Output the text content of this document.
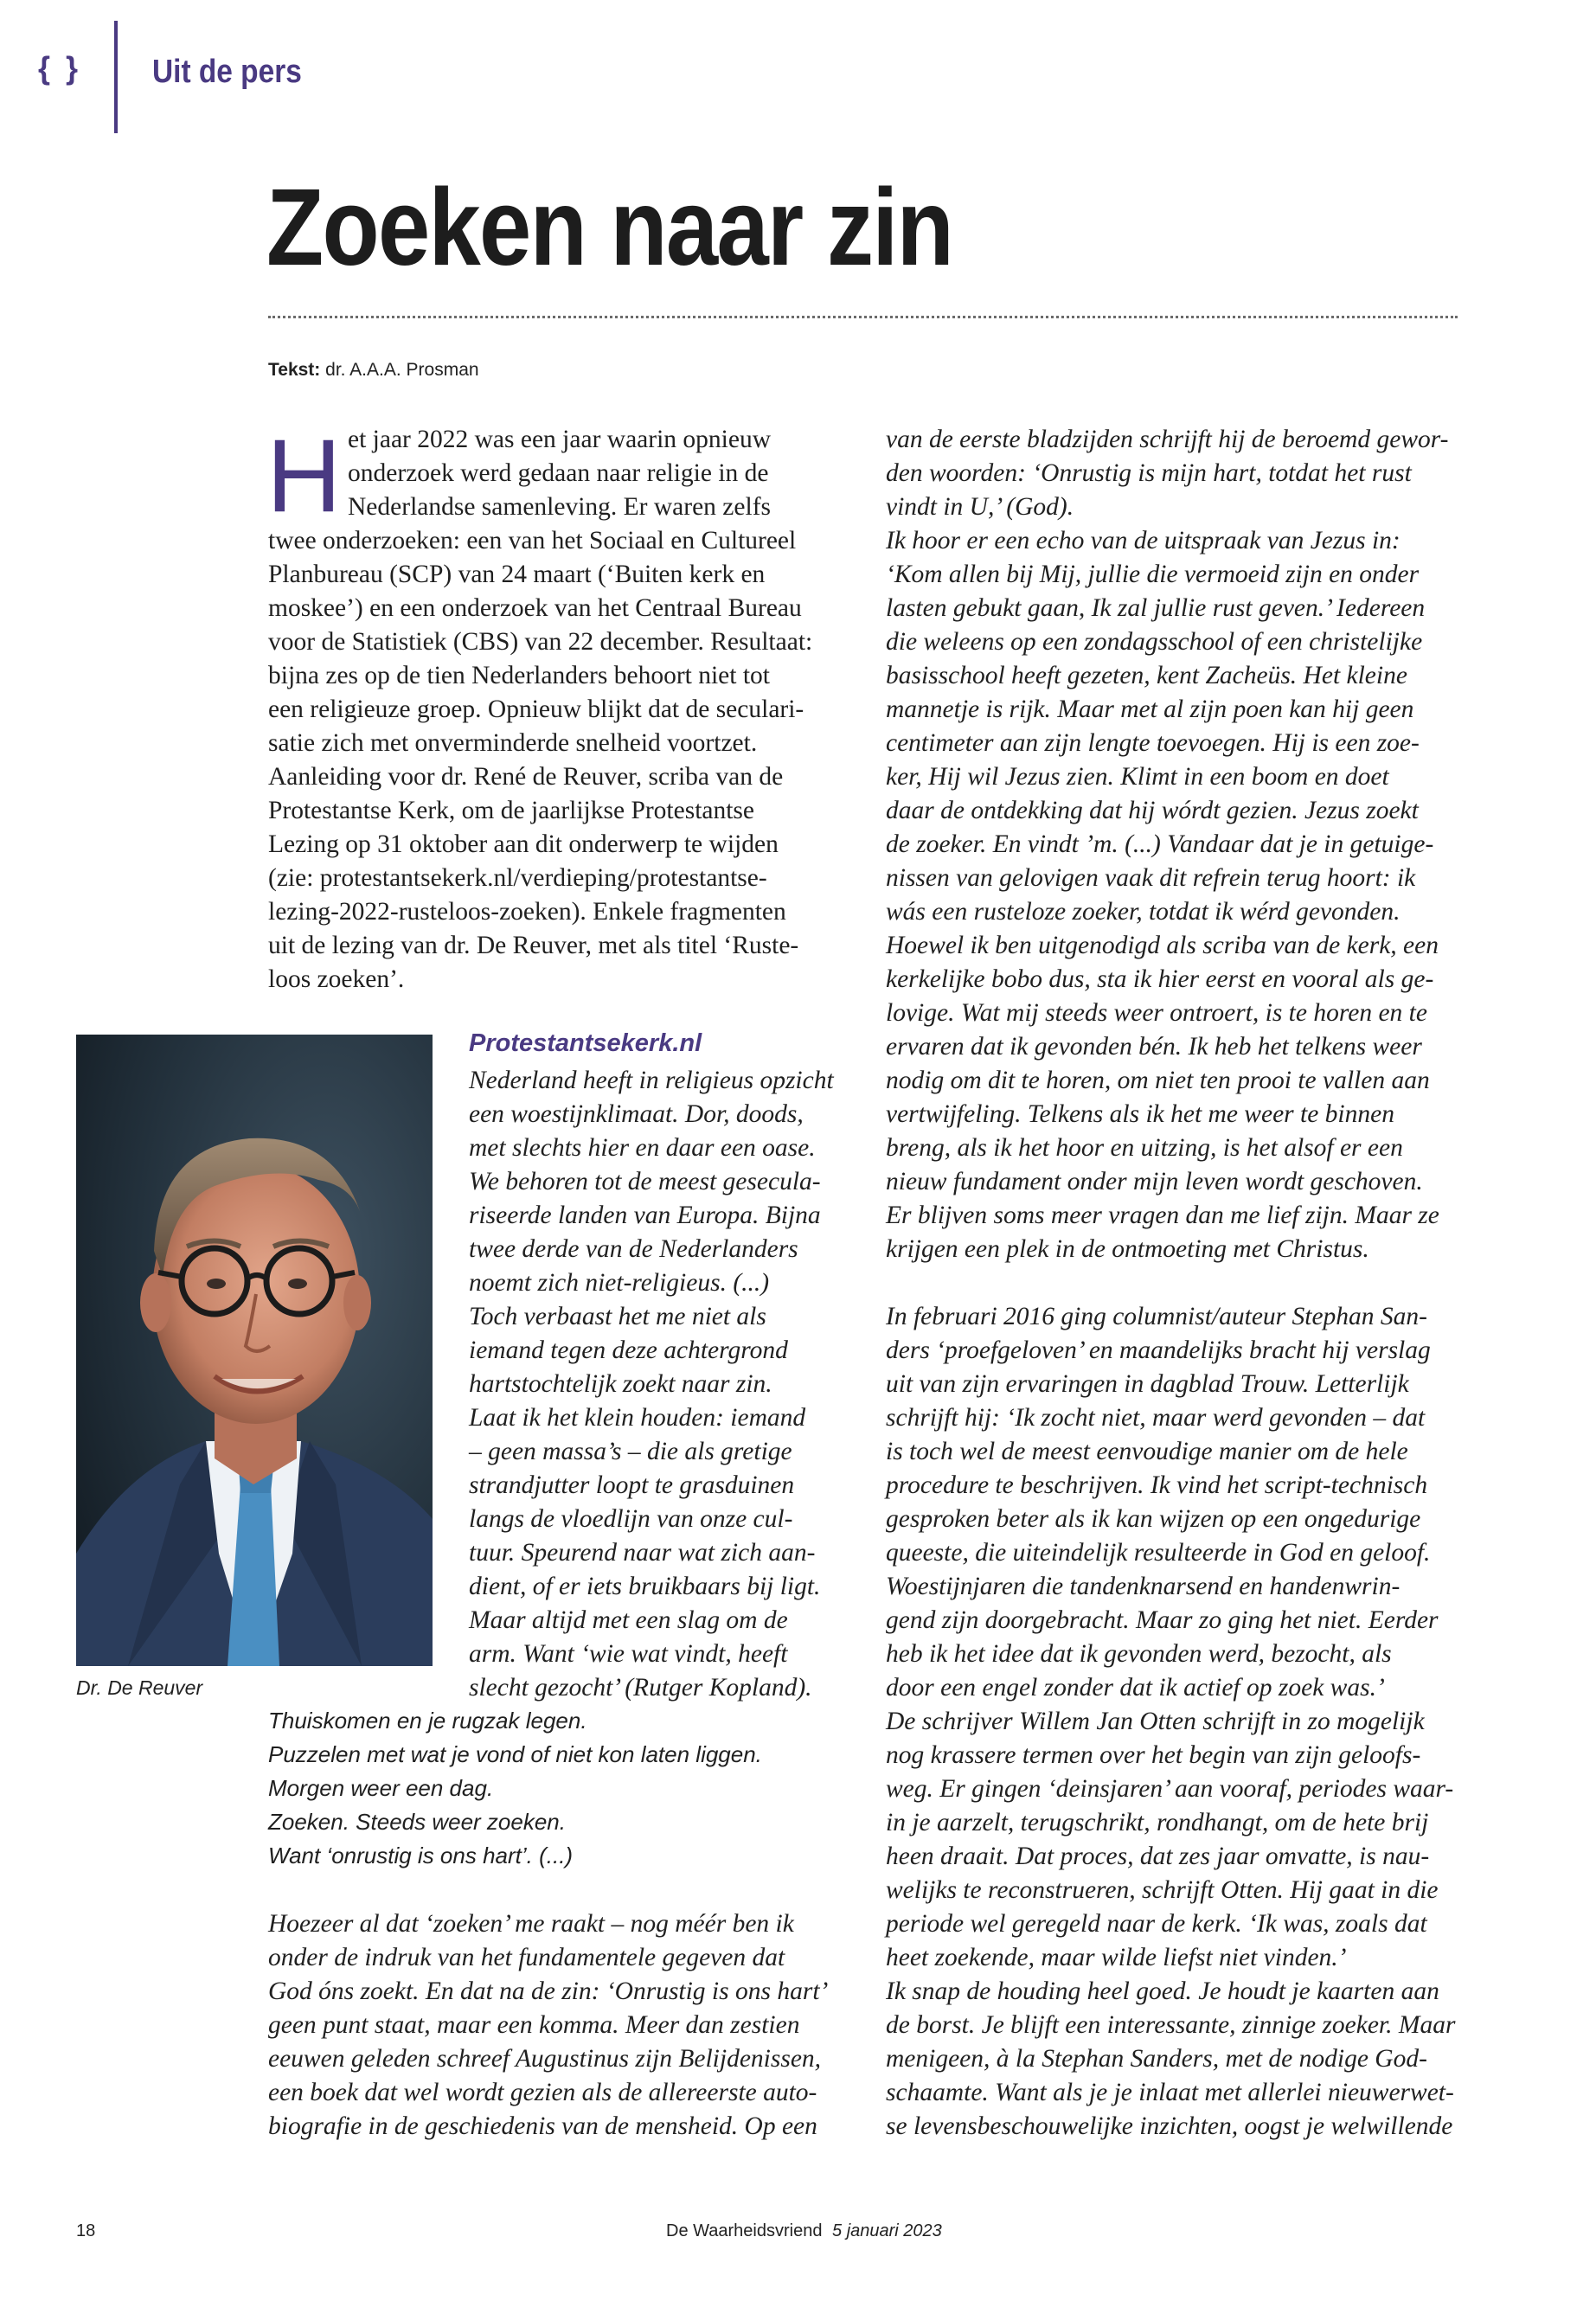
{ } Uit de pers
Zoeken naar zin
Tekst: dr. A.A.A. Prosman
H et jaar 2022 was een jaar waarin opnieuw
onderzoek werd gedaan naar religie in de
Nederlandse samenleving. Er waren zelfs
twee onderzoeken: een van het Sociaal en Cultureel
Planbureau (SCP) van 24 maart (‘Buiten kerk en
moskee’) en een onderzoek van het Centraal Bureau
voor de Statistiek (CBS) van 22 december. Resultaat:
bijna zes op de tien Nederlanders behoort niet tot
een religieuze groep. Opnieuw blijkt dat de seculari-
satie zich met onverminderde snelheid voortzet.
Aanleiding voor dr. René de Reuver, scriba van de
Protestantse Kerk, om de jaarlijkse Protestantse
Lezing op 31 oktober aan dit onderwerp te wijden
(zie: protestantsekerk.nl/verdieping/protestantse-
lezing-2022-rusteloos-zoeken). Enkele fragmenten
uit de lezing van dr. De Reuver, met als titel ‘Ruste-
loos zoeken’.
Dr. De Reuver
Protestantsekerk.nl
Nederland heeft in religieus opzicht
een woestijnklimaat. Dor, doods,
met slechts hier en daar een oase.
We behoren tot de meest gesecula-
riseerde landen van Europa. Bijna
twee derde van de Nederlanders
noemt zich niet-religieus. (...)
Toch verbaast het me niet als
iemand tegen deze achtergrond
hartstochtelijk zoekt naar zin.
Laat ik het klein houden: iemand
– geen massa’s – die als gretige
strandjutter loopt te grasduinen
langs de vloedlijn van onze cul-
tuur. Speurend naar wat zich aan-
dient, of er iets bruikbaars bij ligt.
Maar altijd met een slag om de
arm. Want ‘wie wat vindt, heeft
slecht gezocht’ (Rutger Kopland).
Thuiskomen en je rugzak legen.
Puzzelen met wat je vond of niet kon laten liggen.
Morgen weer een dag.
Zoeken. Steeds weer zoeken.
Want ‘onrustig is ons hart’. (...)
Hoezeer al dat ‘zoeken’ me raakt – nog méér ben ik
onder de indruk van het fundamentele gegeven dat
God óns zoekt. En dat na de zin: ‘Onrustig is ons hart’
geen punt staat, maar een komma. Meer dan zestien
eeuwen geleden schreef Augustinus zijn Belijdenissen,
een boek dat wel wordt gezien als de allereerste auto-
biografie in de geschiedenis van de mensheid. Op een
van de eerste bladzijden schrijft hij de beroemd gewor-
den woorden: ‘Onrustig is mijn hart, totdat het rust
vindt in U,’ (God).
Ik hoor er een echo van de uitspraak van Jezus in:
‘Kom allen bij Mij, jullie die vermoeid zijn en onder
lasten gebukt gaan, Ik zal jullie rust geven.’ Iedereen
die weleens op een zondagsschool of een christelijke
basisschool heeft gezeten, kent Zacheüs. Het kleine
mannetje is rijk. Maar met al zijn poen kan hij geen
centimeter aan zijn lengte toevoegen. Hij is een zoe-
ker, Hij wil Jezus zien. Klimt in een boom en doet
daar de ontdekking dat hij wórdt gezien. Jezus zoekt
de zoeker. En vindt ’m. (...) Vandaar dat je in getuige-
nissen van gelovigen vaak dit refrein terug hoort: ik
wás een rusteloze zoeker, totdat ik wérd gevonden.
Hoewel ik ben uitgenodigd als scriba van de kerk, een
kerkelijke bobo dus, sta ik hier eerst en vooral als ge-
lovige. Wat mij steeds weer ontroert, is te horen en te
ervaren dat ik gevonden bén. Ik heb het telkens weer
nodig om dit te horen, om niet ten prooi te vallen aan
vertwijfeling. Telkens als ik het me weer te binnen
breng, als ik het hoor en uitzing, is het alsof er een
nieuw fundament onder mijn leven wordt geschoven.
Er blijven soms meer vragen dan me lief zijn. Maar ze
krijgen een plek in de ontmoeting met Christus.
In februari 2016 ging columnist/auteur Stephan San-
ders ‘proefgeloven’ en maandelijks bracht hij verslag
uit van zijn ervaringen in dagblad Trouw. Letterlijk
schrijft hij: ‘Ik zocht niet, maar werd gevonden – dat
is toch wel de meest eenvoudige manier om de hele
procedure te beschrijven. Ik vind het script-technisch
gesproken beter als ik kan wijzen op een ongedurige
queeste, die uiteindelijk resulteerde in God en geloof.
Woestijnjaren die tandenknarsend en handenwrin-
gend zijn doorgebracht. Maar zo ging het niet. Eerder
heb ik het idee dat ik gevonden werd, bezocht, als
door een engel zonder dat ik actief op zoek was.’
De schrijver Willem Jan Otten schrijft in zo mogelijk
nog krassere termen over het begin van zijn geloofs-
weg. Er gingen ‘deinsjaren’ aan vooraf, periodes waar-
in je aarzelt, terugschrikt, rondhangt, om de hete brij
heen draait. Dat proces, dat zes jaar omvatte, is nau-
welijks te reconstrueren, schrijft Otten. Hij gaat in die
periode wel geregeld naar de kerk. ‘Ik was, zoals dat
heet zoekende, maar wilde liefst niet vinden.’
Ik snap de houding heel goed. Je houdt je kaarten aan
de borst. Je blijft een interessante, zinnige zoeker. Maar
menigeen, à la Stephan Sanders, met de nodige God-
schaamte. Want als je je inlaat met allerlei nieuwerwet-
se levensbeschouwelijke inzichten, oogst je welwillende
18	De Waarheidsvriend 5 januari 2023
